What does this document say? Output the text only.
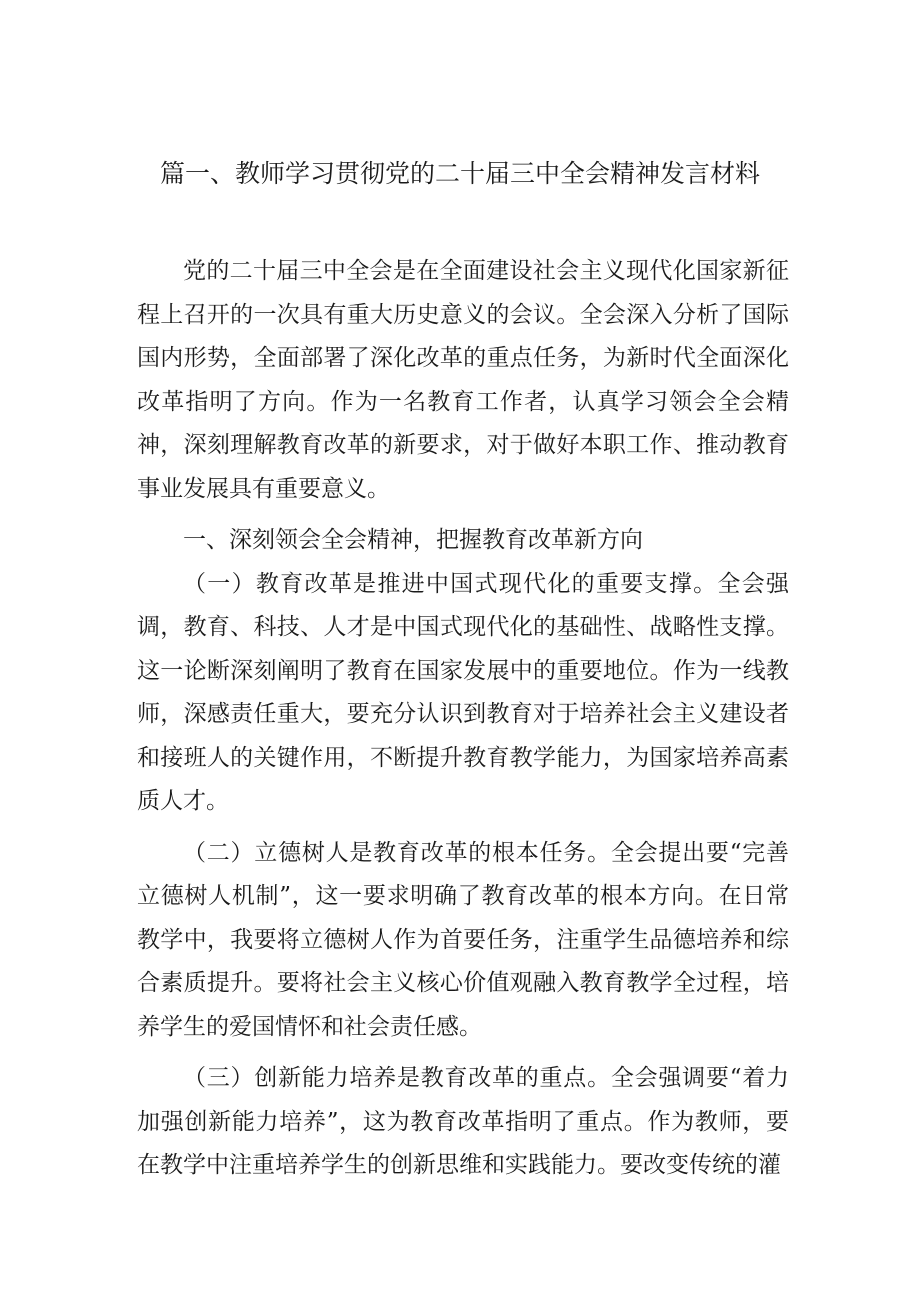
篇一、教师学习贯彻党的二十届三中全会精神发言材料

党的二十届三中全会是在全面建设社会主义现代化国家新征程上召开的一次具有重大历史意义的会议。全会深入分析了国际国内形势，全面部署了深化改革的重点任务，为新时代全面深化改革指明了方向。作为一名教育工作者，认真学习领会全会精神，深刻理解教育改革的新要求，对于做好本职工作、推动教育事业发展具有重要意义。

一、深刻领会全会精神，把握教育改革新方向

（一）教育改革是推进中国式现代化的重要支撑。全会强调，教育、科技、人才是中国式现代化的基础性、战略性支撑。这一论断深刻阐明了教育在国家发展中的重要地位。作为一线教师，深感责任重大，要充分认识到教育对于培养社会主义建设者和接班人的关键作用，不断提升教育教学能力，为国家培养高素质人才。

（二）立德树人是教育改革的根本任务。全会提出要“完善立德树人机制”，这一要求明确了教育改革的根本方向。在日常教学中，我要将立德树人作为首要任务，注重学生品德培养和综合素质提升。要将社会主义核心价值观融入教育教学全过程，培养学生的爱国情怀和社会责任感。

（三）创新能力培养是教育改革的重点。全会强调要“着力加强创新能力培养”，这为教育改革指明了重点。作为教师，要在教学中注重培养学生的创新思维和实践能力。要改变传统的灌
